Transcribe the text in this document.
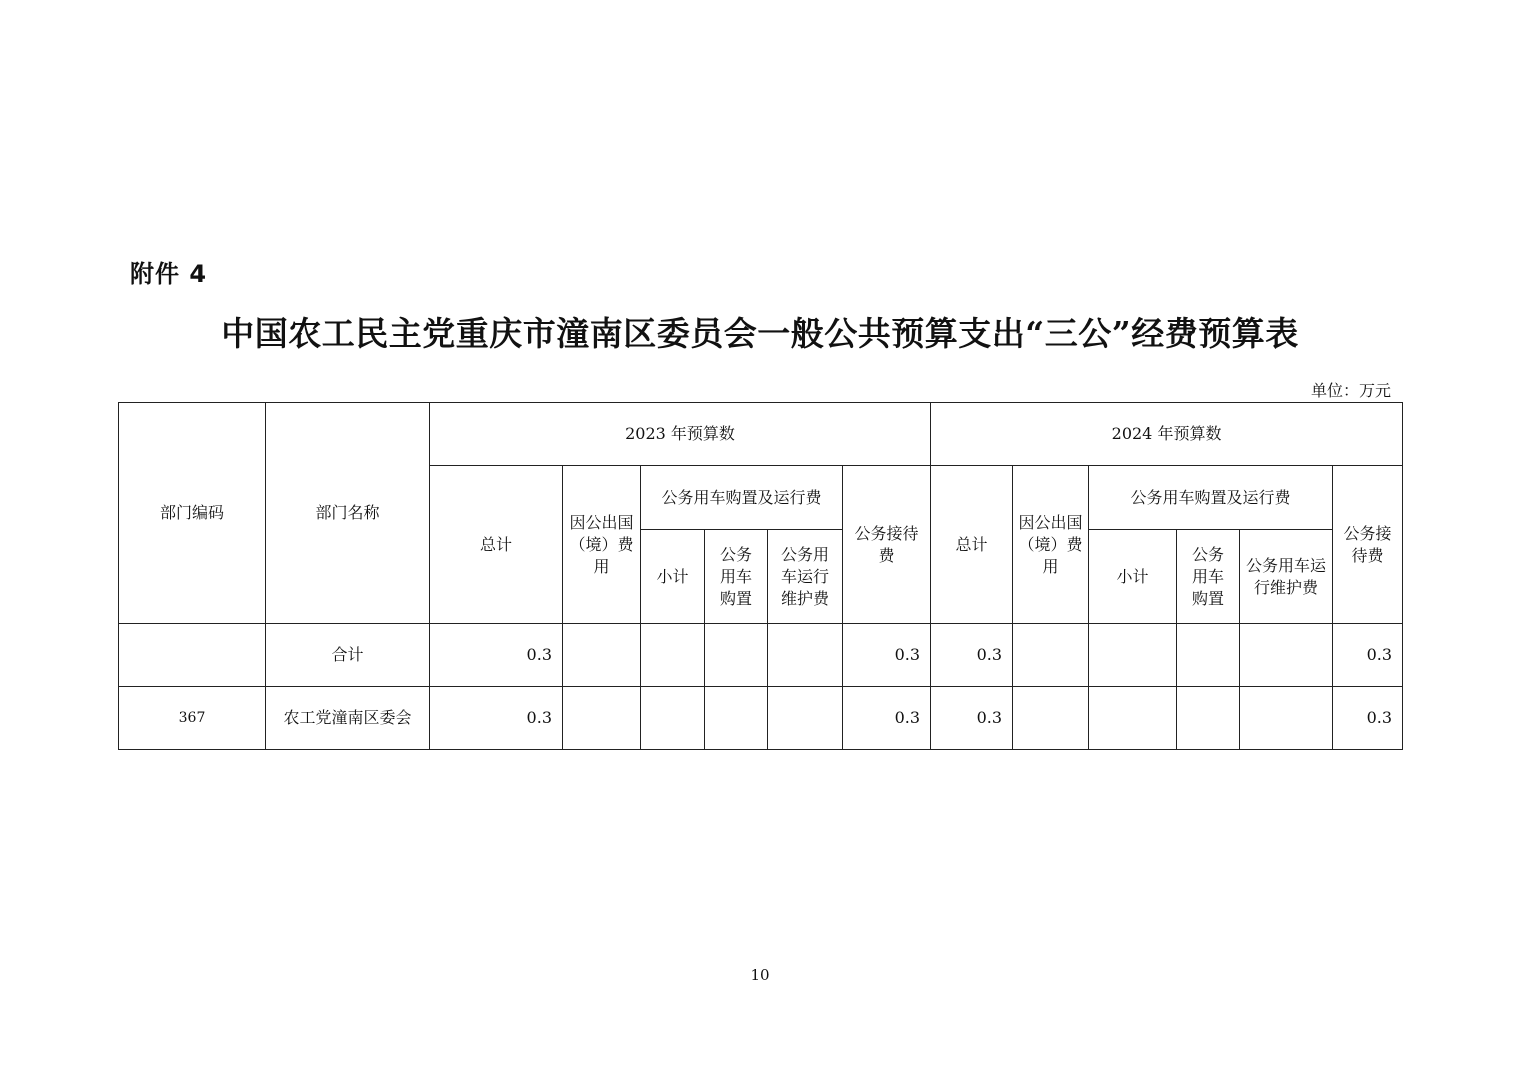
附件 4
中国农工民主党重庆市潼南区委员会一般公共预算支出“三公”经费预算表
单位：万元
部门编码	部门名称	2023 年预算数						2024 年预算数					
		总计	因公出国（境）费用	公务用车购置及运行费			公务接待费	总计	因公出国（境）费用	公务用车购置及运行费			公务接待费
				小计	公务用车购置	公务用车运行维护费				小计	公务用车购置	公务用车运行维护费	
	合计	0.3					0.3	0.3					0.3
367	农工党潼南区委会	0.3					0.3	0.3					0.3
10
